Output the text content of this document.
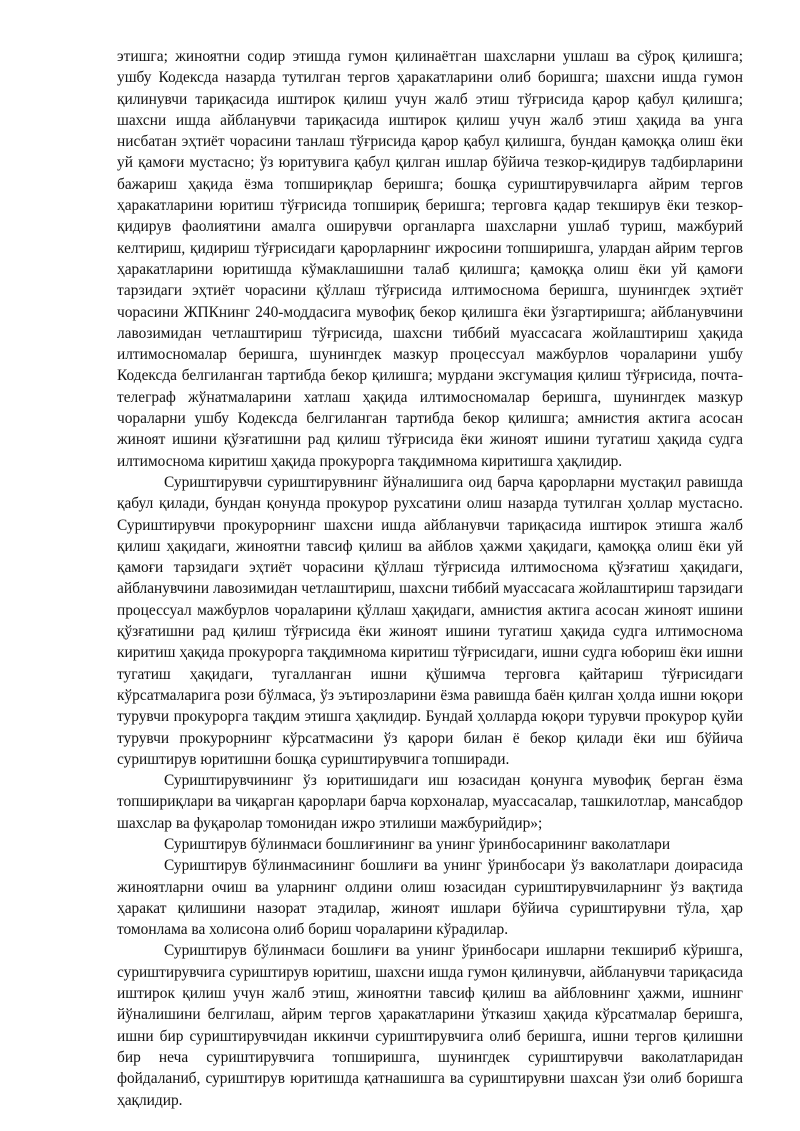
этишга; жиноятни содир этишда гумон қилинаётган шахсларни ушлаш ва сўроқ қилишга; ушбу Кодексда назарда тутилган тергов ҳаракатларини олиб боришга; шахсни ишда гумон қилинувчи тариқасида иштирок қилиш учун жалб этиш тўғрисида қарор қабул қилишга; шахсни ишда айбланувчи тариқасида иштирок қилиш учун жалб этиш ҳақида ва унга нисбатан эҳтиёт чорасини танлаш тўғрисида қарор қабул қилишга, бундан қамоққа олиш ёки уй қамоғи мустасно; ўз юритувига қабул қилган ишлар бўйича тезкор-қидирув тадбирларини бажариш ҳақида ёзма топшириқлар беришга; бошқа суриштирувчиларга айрим тергов ҳаракатларини юритиш тўғрисида топшириқ беришга; терговга қадар текширув ёки тезкор-қидирув фаолиятини амалга оширувчи органларга шахсларни ушлаб туриш, мажбурий келтириш, қидириш тўғрисидаги қарорларнинг ижросини топширишга, улардан айрим тергов ҳаракатларини юритишда кўмаклашишни талаб қилишга; қамоққа олиш ёки уй қамоғи тарзидаги эҳтиёт чорасини қўллаш тўғрисида илтимоснома беришга, шунингдек эҳтиёт чорасини ЖПКнинг 240-моддасига мувофиқ бекор қилишга ёки ўзгартиришга; айбланувчини лавозимидан четлаштириш тўғрисида, шахсни тиббий муассасага жойлаштириш ҳақида илтимосномалар беришга, шунингдек мазкур процессуал мажбурлов чораларини ушбу Кодексда белгиланган тартибда бекор қилишга; мурдани эксгумация қилиш тўғрисида, почта-телеграф жўнатмаларини хатлаш ҳақида илтимосномалар беришга, шунингдек мазкур чораларни ушбу Кодексда белгиланган тартибда бекор қилишга; амнистия актига асосан жиноят ишини қўзғатишни рад қилиш тўғрисида ёки жиноят ишини тугатиш ҳақида судга илтимоснома киритиш ҳақида прокурорга тақдимнома киритишга ҳақлидир.

Суриштирувчи суриштирувнинг йўналишига оид барча қарорларни мустақил равишда қабул қилади, бундан қонунда прокурор рухсатини олиш назарда тутилган ҳоллар мустасно. Суриштирувчи прокурорнинг шахсни ишда айбланувчи тариқасида иштирок этишга жалб қилиш ҳақидаги, жиноятни тавсиф қилиш ва айблов ҳажми ҳақидаги, қамоққа олиш ёки уй қамоғи тарзидаги эҳтиёт чорасини қўллаш тўғрисида илтимоснома қўзғатиш ҳақидаги, айбланувчини лавозимидан четлаштириш, шахсни тиббий муассасага жойлаштириш тарзидаги процессуал мажбурлов чораларини қўллаш ҳақидаги, амнистия актига асосан жиноят ишини қўзғатишни рад қилиш тўғрисида ёки жиноят ишини тугатиш ҳақида судга илтимоснома киритиш ҳақида прокурорга тақдимнома киритиш тўғрисидаги, ишни судга юбориш ёки ишни тугатиш ҳақидаги, тугалланган ишни қўшимча терговга қайтариш тўғрисидаги кўрсатмаларига рози бўлмаса, ўз эътирозларини ёзма равишда баён қилган ҳолда ишни юқори турувчи прокурорга тақдим этишга ҳақлидир. Бундай ҳолларда юқори турувчи прокурор қуйи турувчи прокурорнинг кўрсатмасини ўз қарори билан ё бекор қилади ёки иш бўйича суриштирув юритишни бошқа суриштирувчига топширади.

Суриштирувчининг ўз юритишидаги иш юзасидан қонунга мувофиқ берган ёзма топшириқлари ва чиқарган қарорлари барча корхоналар, муассасалар, ташкилотлар, мансабдор шахслар ва фуқаролар томонидан ижро этилиши мажбурийдир»;

Суриштирув бўлинмаси бошлиғининг ва унинг ўринбосарининг ваколатлари

Суриштирув бўлинмасининг бошлиғи ва унинг ўринбосари ўз ваколатлари доирасида жиноятларни очиш ва уларнинг олдини олиш юзасидан суриштирувчиларнинг ўз вақтида ҳаракат қилишини назорат этадилар, жиноят ишлари бўйича суриштирувни тўла, ҳар томонлама ва холисона олиб бориш чораларини кўрадилар.

Суриштирув бўлинмаси бошлиғи ва унинг ўринбосари ишларни текшириб кўришга, суриштирувчига суриштирув юритиш, шахсни ишда гумон қилинувчи, айбланувчи тариқасида иштирок қилиш учун жалб этиш, жиноятни тавсиф қилиш ва айбловнинг ҳажми, ишнинг йўналишини белгилаш, айрим тергов ҳаракатларини ўтказиш ҳақида кўрсатмалар беришга, ишни бир суриштирувчидан иккинчи суриштирувчига олиб беришга, ишни тергов қилишни бир неча суриштирувчига топширишга, шунингдек суриштирувчи ваколатларидан фойдаланиб, суриштирув юритишда қатнашишга ва суриштирувни шахсан ўзи олиб боришга ҳақлидир.
